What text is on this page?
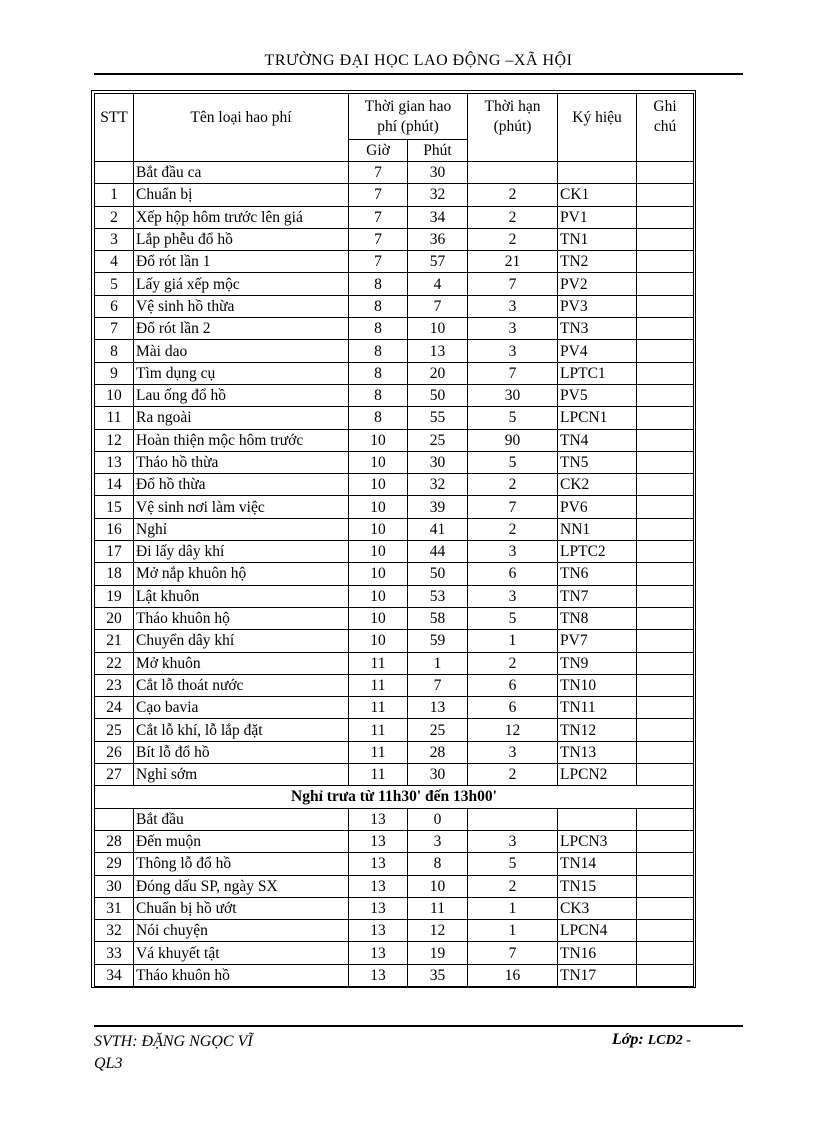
TRƯỜNG ĐẠI HỌC LAO ĐỘNG –XÃ HỘI
STT	Tên loại hao phí	Thời gian hao phí (phút)		Thời hạn (phút)	Ký hiệu	Ghi chú
		Giờ	Phút			
	Bắt đầu ca	7	30			
1	Chuẩn bị	7	32	2	CK1	
2	Xếp hộp hôm trước lên giá	7	34	2	PV1	
3	Lắp phễu đổ hồ	7	36	2	TN1	
4	Đổ rót lần 1	7	57	21	TN2	
5	Lấy giá xếp mộc	8	4	7	PV2	
6	Vệ sinh hồ thừa	8	7	3	PV3	
7	Đổ rót lần 2	8	10	3	TN3	
8	Mài dao	8	13	3	PV4	
9	Tìm dụng cụ	8	20	7	LPTC1	
10	Lau ống đổ hồ	8	50	30	PV5	
11	Ra ngoài	8	55	5	LPCN1	
12	Hoàn thiện mộc hôm trước	10	25	90	TN4	
13	Tháo hồ thừa	10	30	5	TN5	
14	Đổ hồ thừa	10	32	2	CK2	
15	Vệ sinh nơi làm việc	10	39	7	PV6	
16	Nghỉ	10	41	2	NN1	
17	Đi lấy dây khí	10	44	3	LPTC2	
18	Mở nắp khuôn hộ	10	50	6	TN6	
19	Lật khuôn	10	53	3	TN7	
20	Tháo khuôn hộ	10	58	5	TN8	
21	Chuyển dây khí	10	59	1	PV7	
22	Mở khuôn	11	1	2	TN9	
23	Cắt lỗ thoát nước	11	7	6	TN10	
24	Cạo bavia	11	13	6	TN11	
25	Cắt lỗ khí, lỗ lắp đặt	11	25	12	TN12	
26	Bít lỗ đổ hồ	11	28	3	TN13	
27	Nghỉ sớm	11	30	2	LPCN2	
Nghỉ trưa từ 11h30' đến 13h00'						
	Bắt đầu	13	0			
28	Đến muộn	13	3	3	LPCN3	
29	Thông lỗ đổ hồ	13	8	5	TN14	
30	Đóng dấu SP, ngày SX	13	10	2	TN15	
31	Chuẩn bị hồ ướt	13	11	1	CK3	
32	Nói chuyện	13	12	1	LPCN4	
33	Vá khuyết tật	13	19	7	TN16	
34	Tháo khuôn hồ	13	35	16	TN17	
SVTH: ĐẶNG NGỌC VĨ
QL3
Lớp: LCD2 -
